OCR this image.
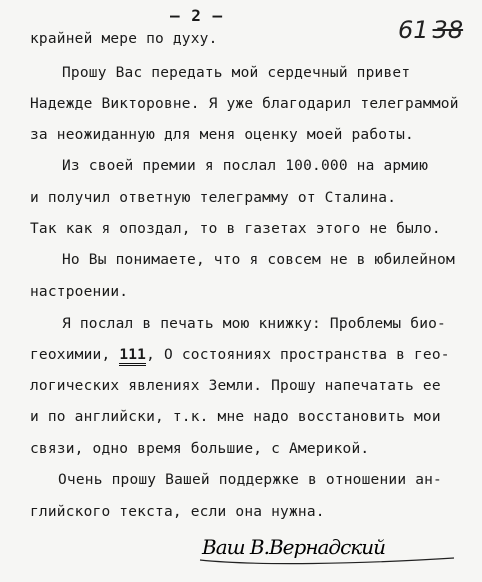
— 2 —
61 38
крайней мере по духу.
Прошу Вас передать мой сердечный привет
Надежде Викторовне. Я уже благодарил телеграммой
за неожиданную для меня оценку моей работы.
Из своей премии я послал 100.000 на армию
и получил ответную телеграмму от Сталина.
Так как я опоздал, то в газетах этого не было.
Но Вы понимаете, что я совсем не в юбилейном
настроении.
Я послал в печать мою книжку: Проблемы био-
геохимии, 111, О состояниях пространства в гео-
логических явлениях Земли. Прошу напечатать ее
и по английски, т.к. мне надо восстановить мои
связи, одно время большие, с Америкой.
Очень прошу Вашей поддержке в отношении ан-
глийского текста, если она нужна.
Ваш В.Вернадский
